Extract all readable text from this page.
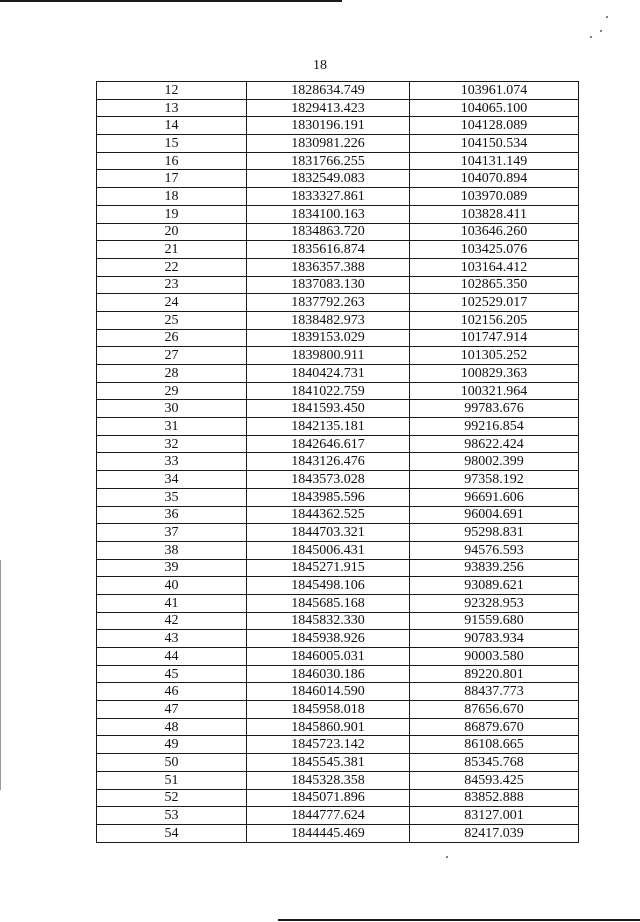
18
12	1828634.749	103961.074
13	1829413.423	104065.100
14	1830196.191	104128.089
15	1830981.226	104150.534
16	1831766.255	104131.149
17	1832549.083	104070.894
18	1833327.861	103970.089
19	1834100.163	103828.411
20	1834863.720	103646.260
21	1835616.874	103425.076
22	1836357.388	103164.412
23	1837083.130	102865.350
24	1837792.263	102529.017
25	1838482.973	102156.205
26	1839153.029	101747.914
27	1839800.911	101305.252
28	1840424.731	100829.363
29	1841022.759	100321.964
30	1841593.450	99783.676
31	1842135.181	99216.854
32	1842646.617	98622.424
33	1843126.476	98002.399
34	1843573.028	97358.192
35	1843985.596	96691.606
36	1844362.525	96004.691
37	1844703.321	95298.831
38	1845006.431	94576.593
39	1845271.915	93839.256
40	1845498.106	93089.621
41	1845685.168	92328.953
42	1845832.330	91559.680
43	1845938.926	90783.934
44	1846005.031	90003.580
45	1846030.186	89220.801
46	1846014.590	88437.773
47	1845958.018	87656.670
48	1845860.901	86879.670
49	1845723.142	86108.665
50	1845545.381	85345.768
51	1845328.358	84593.425
52	1845071.896	83852.888
53	1844777.624	83127.001
54	1844445.469	82417.039
